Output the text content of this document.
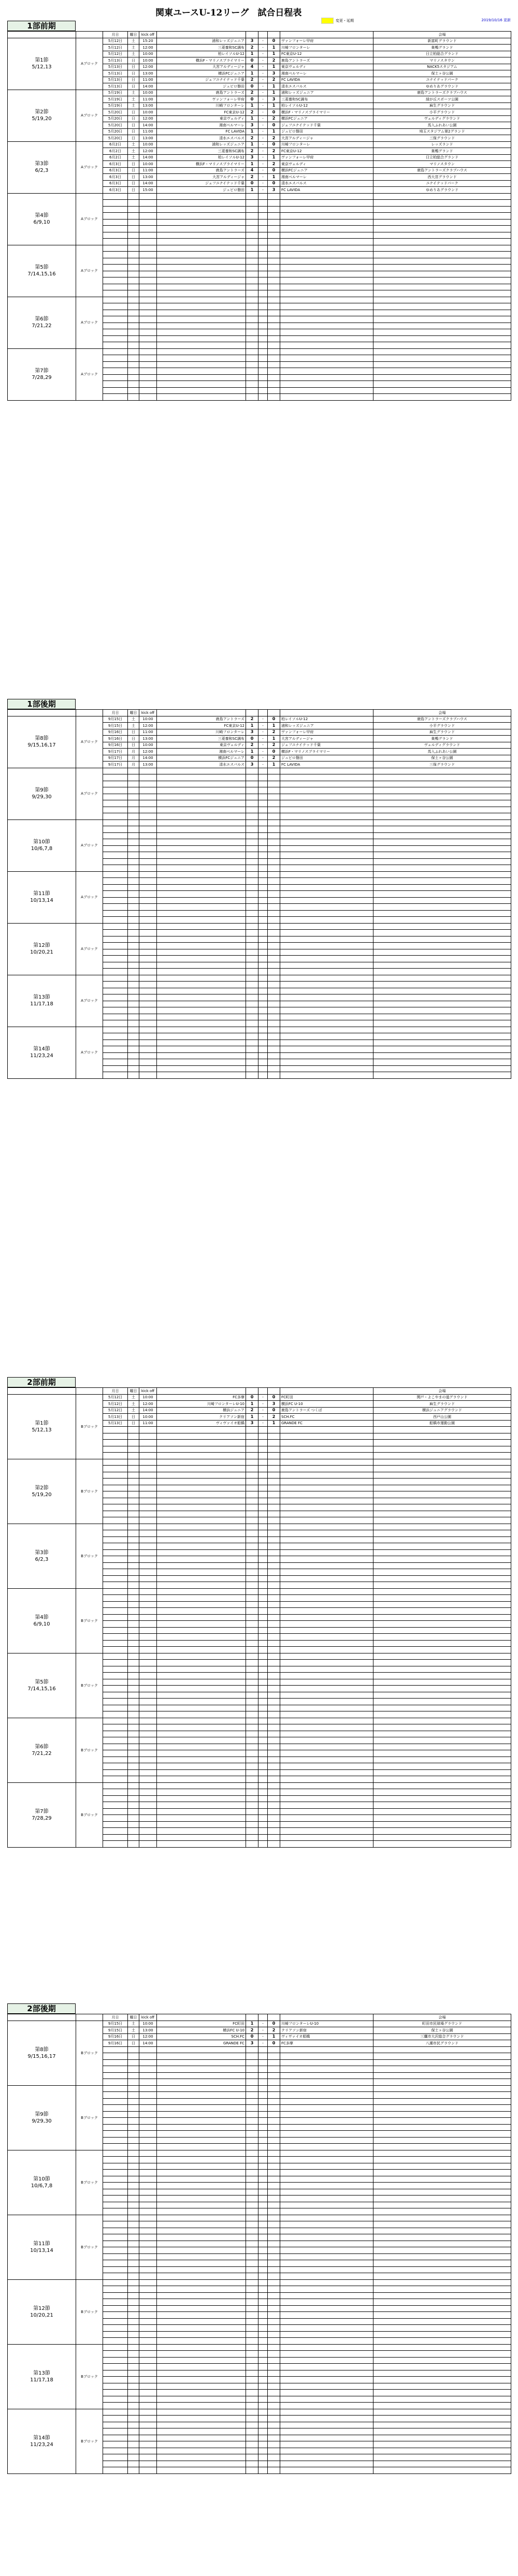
関東ユースU-12リーグ　試合日程表
変更・延期	2019/10/16 更新
1部前期
		月日	曜日	kick off						会場
第1節
5/12,13	Aブロック	5月12日	土	15:20	浦和レッズジュニア	3	-	0	ヴァンフォーレ甲府	新富町グラウンド
		5月12日	土	12:00	三菱養和SC調布	2	-	1	川崎フロンターレ	巣鴨グランド
		5月12日	土	10:00	柏レイソルU-12	1	-	1	FC東京U-12	日立柏総合グランド
		5月13日	日	10:00	横浜F・マリノスプライマリー	0	-	2	鹿島アントラーズ	マリノスタウン
		5月13日	日	12:00	大宮アルディージャ	4	-	1	東京ヴェルディ	NACK5スタジアム
		5月13日	日	13:00	横浜FCジュニア	1	-	3	湘南ベルマーレ	保土ヶ谷公園
		5月13日	日	11:00	ジェフユナイテッド千葉	2	-	2	FC LAVIDA	ユナイテッドパーク
		5月13日	日	14:00	ジュビロ磐田	0	-	1	清水エスパルス	ゆめりあグラウンド
第2節
5/19,20	Aブロック	5月19日	土	10:00	鹿島アントラーズ	2	-	1	浦和レッズジュニア	鹿島アントラーズクラブハウス
		5月19日	土	11:00	ヴァンフォーレ甲府	0	-	3	三菱養和SC調布	緑が丘スポーツ公園
		5月19日	土	13:00	川崎フロンターレ	1	-	1	柏レイソルU-12	麻生グラウンド
		5月20日	日	10:00	FC東京U-12	2	-	0	横浜F・マリノスプライマリー	小平グラウンド
		5月20日	日	12:00	東京ヴェルディ	1	-	2	横浜FCジュニア	ヴェルディグラウンド
		5月20日	日	14:00	湘南ベルマーレ	3	-	0	ジェフユナイテッド千葉	馬入ふれあい公園
		5月20日	日	11:00	FC LAVIDA	1	-	1	ジュビロ磐田	埼玉スタジアム第2グランド
		5月20日	日	13:00	清水エスパルス	2	-	2	大宮アルディージャ	三保グラウンド
第3節
6/2,3	Aブロック	6月2日	土	10:00	浦和レッズジュニア	1	-	0	川崎フロンターレ	レッズランド
		6月2日	土	12:00	三菱養和SC調布	2	-	2	FC東京U-12	巣鴨グランド
		6月2日	土	14:00	柏レイソルU-12	3	-	1	ヴァンフォーレ甲府	日立柏総合グランド
		6月3日	日	10:00	横浜F・マリノスプライマリー	1	-	2	東京ヴェルディ	マリノスタウン
		6月3日	日	11:00	鹿島アントラーズ	4	-	0	横浜FCジュニア	鹿島アントラーズクラブハウス
		6月3日	日	13:00	大宮アルディージャ	2	-	1	湘南ベルマーレ	西大宮グラウンド
		6月3日	日	14:00	ジェフユナイテッド千葉	0	-	0	清水エスパルス	ユナイテッドパーク
		6月3日	日	15:00	ジュビロ磐田	1	-	3	FC LAVIDA	ゆめりあグラウンド
第4節
6/9,10	Aブロック									

第5節
7/14,15,16	Aブロック									

第6節
7/21,22	Aブロック									

第7節
7/28,29	Aブロック									

1部後期
		月日	曜日	kick off						会場
第8節
9/15,16,17	Aブロック	9月15日	土	10:00	鹿島アントラーズ	2	-	0	柏レイソルU-12	鹿島アントラーズクラブハウス
		9月15日	土	12:00	FC東京U-12	1	-	1	浦和レッズジュニア	小平グラウンド
		9月16日	日	11:00	川崎フロンターレ	3	-	2	ヴァンフォーレ甲府	麻生グラウンド
		9月16日	日	13:00	三菱養和SC調布	0	-	1	大宮アルディージャ	巣鴨グランド
		9月16日	日	10:00	東京ヴェルディ	2	-	2	ジェフユナイテッド千葉	ヴェルディグラウンド
		9月17日	月	12:00	湘南ベルマーレ	1	-	0	横浜F・マリノスプライマリー	馬入ふれあい公園
		9月17日	月	14:00	横浜FCジュニア	0	-	2	ジュビロ磐田	保土ヶ谷公園
		9月17日	月	13:00	清水エスパルス	3	-	1	FC LAVIDA	三保グラウンド
第9節
9/29,30	Aブロック									

第10節
10/6,7,8	Aブロック									

第11節
10/13,14	Aブロック									

第12節
10/20,21	Aブロック									

第13節
11/17,18	Aブロック									

第14節
11/23,24	Aブロック									

2部前期
		月日	曜日	kick off						会場
第1節
5/12,13	Bブロック	5月12日	土	10:00	FC多摩	0	-	0	FC町田	関戸・よこやまの道グラウンド
		5月12日	土	12:00	川崎フロンターレU-10	1	-	3	横浜FC U-10	麻生グラウンド
		5月12日	土	14:00	横浜ジュニア	2	-	0	鹿島アントラーズ つくば	横浜ジュニアグラウンド
		5月13日	日	10:00	クリアソン新宿	1	-	2	SCH.FC	西戸山公園
		5月13日	日	11:00	ヴィヴァイオ船橋	3	-	1	GRANDE FC	船橋市運動公園

第2節
5/19,20	Bブロック									

第3節
6/2,3	Bブロック									

第4節
6/9,10	Bブロック									

第5節
7/14,15,16	Bブロック									

第6節
7/21,22	Bブロック									

第7節
7/28,29	Bブロック									

2部後期
		月日	曜日	kick off						会場
第8節
9/15,16,17	Bブロック	9月15日	土	10:00	FC町田	1	-	0	川崎フロンターレU-10	町田市民球場グラウンド
		9月15日	土	13:00	横浜FC U-10	2	-	2	クリアソン新宿	保土ヶ谷公園
		9月16日	日	12:00	SCH.FC	0	-	1	ヴィヴァイオ船橋	三鷹市大沢総合グラウンド
		9月16日	日	14:00	GRANDE FC	3	-	0	FC多摩	八潮市民グラウンド

第9節
9/29,30	Bブロック									

第10節
10/6,7,8	Bブロック									

第11節
10/13,14	Bブロック									

第12節
10/20,21	Bブロック									

第13節
11/17,18	Bブロック									

第14節
11/23,24	Bブロック									
